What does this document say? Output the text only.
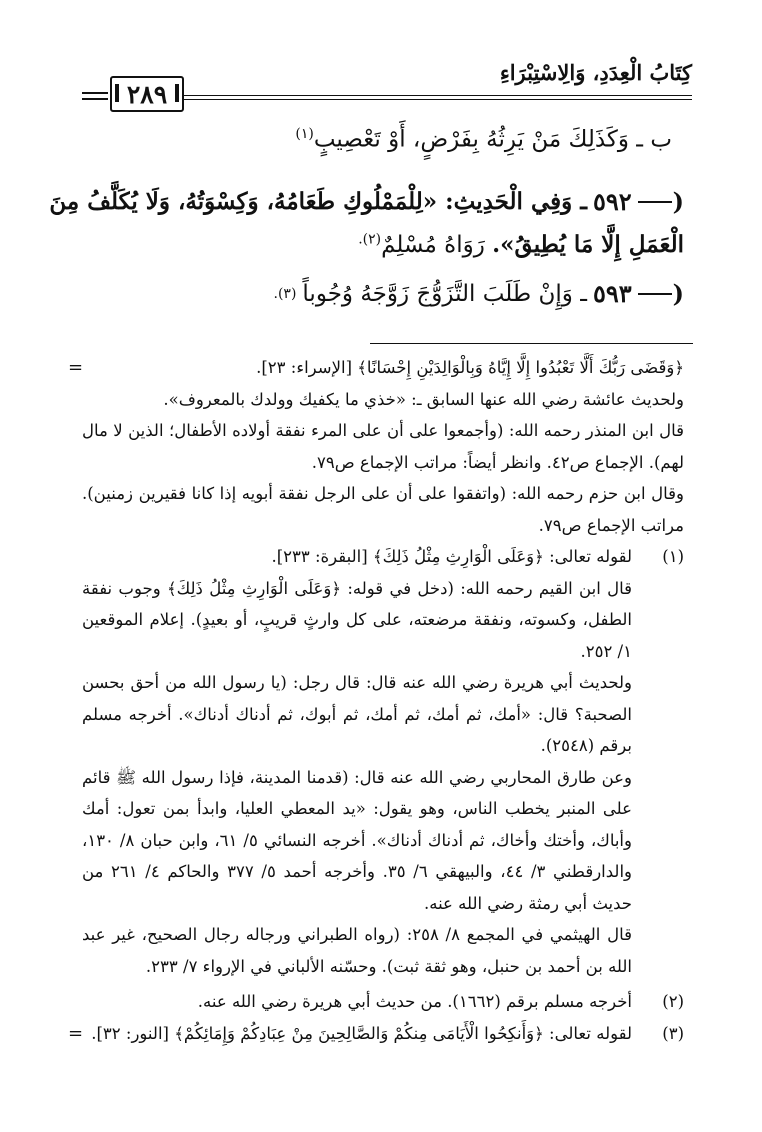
كِتَابُ الْعِدَدِ، وَالِاسْتِبْرَاءِ
٢٨٩
ب ـ وَكَذَلِكَ مَنْ يَرِثُهُ بِفَرْضٍ، أَوْ تَعْصِيبٍ$^{(١)}$
)
٥٩٢
ـ وَفِي الْحَدِيثِ: «لِلْمَمْلُوكِ طَعَامُهُ، وَكِسْوَتُهُ، وَلَا يُكَلَّفُ مِنَ
الْعَمَلِ إِلَّا مَا يُطِيقُ». رَوَاهُ مُسْلِمٌ$^{(٢).}$
)
٥٩٣
ـ وَإِنْ طَلَبَ التَّزَوُّجَ زَوَّجَهُ وُجُوباً
(٣).
=	﴿وَقَضَى رَبُّكَ أَلَّا تَعْبُدُوا إِلَّا إِيَّاهُ وَبِالْوَالِدَيْنِ إِحْسَانًا﴾ [الإسراء: ٢٣].

ولحديث عائشة رضي الله عنها السابق ـ: «خذي ما يكفيك وولدك بالمعروف».

قال ابن المنذر رحمه الله: (وأجمعوا على أن على المرء نفقة أولاده الأطفال؛ الذين لا مال لهم). الإجماع ص٤٢. وانظر أيضاً: مراتب الإجماع ص٧٩.

وقال ابن حزم رحمه الله: (واتفقوا على أن على الرجل نفقة أبويه إذا كانا فقيرين زمنين). مراتب الإجماع ص٧٩.

(١)

لقوله تعالى: ﴿وَعَلَى الْوَارِثِ مِثْلُ ذَلِكَ﴾ [البقرة: ٢٣٣].

قال ابن القيم رحمه الله: (دخل في قوله: ﴿وَعَلَى الْوَارِثِ مِثْلُ ذَلِكَ﴾ وجوب نفقة الطفل، وكسوته، ونفقة مرضعته، على كل وارثٍ قريبٍ، أو بعيدٍ). إعلام الموقعين ١/ ٢٥٢.

ولحديث أبي هريرة رضي الله عنه قال: قال رجل: (يا رسول الله من أحق بحسن الصحبة؟ قال: «أمك، ثم أمك، ثم أمك، ثم أبوك، ثم أدناك أدناك». أخرجه مسلم برقم (٢٥٤٨).

وعن طارق المحاربي رضي الله عنه قال: (قدمنا المدينة، فإذا رسول الله ﷺ قائم على المنبر يخطب الناس، وهو يقول: «يد المعطي العليا، وابدأ بمن تعول: أمك وأباك، وأختك وأخاك، ثم أدناك أدناك». أخرجه النسائي ٥/ ٦١، وابن حبان ٨/ ١٣٠، والدارقطني ٣/ ٤٤، والبيهقي ٦/ ٣٥. وأخرجه أحمد ٥/ ٣٧٧ والحاكم ٤/ ٢٦١ من حديث أبي رمثة رضي الله عنه.

قال الهيثمي في المجمع ٨/ ٢٥٨: (رواه الطبراني ورجاله رجال الصحيح، غير عبد الله بن أحمد بن حنبل، وهو ثقة ثبت). وحسّنه الألباني في الإرواء ٧/ ٢٣٣.

(٢)

أخرجه مسلم برقم (١٦٦٢). من حديث أبي هريرة رضي الله عنه.

(٣)

لقوله تعالى: ﴿وَأَنكِحُوا الْأَيَامَى مِنكُمْ وَالصَّالِحِينَ مِنْ عِبَادِكُمْ وَإِمَائِكُمْ﴾ [النور: ٣٢].

=
